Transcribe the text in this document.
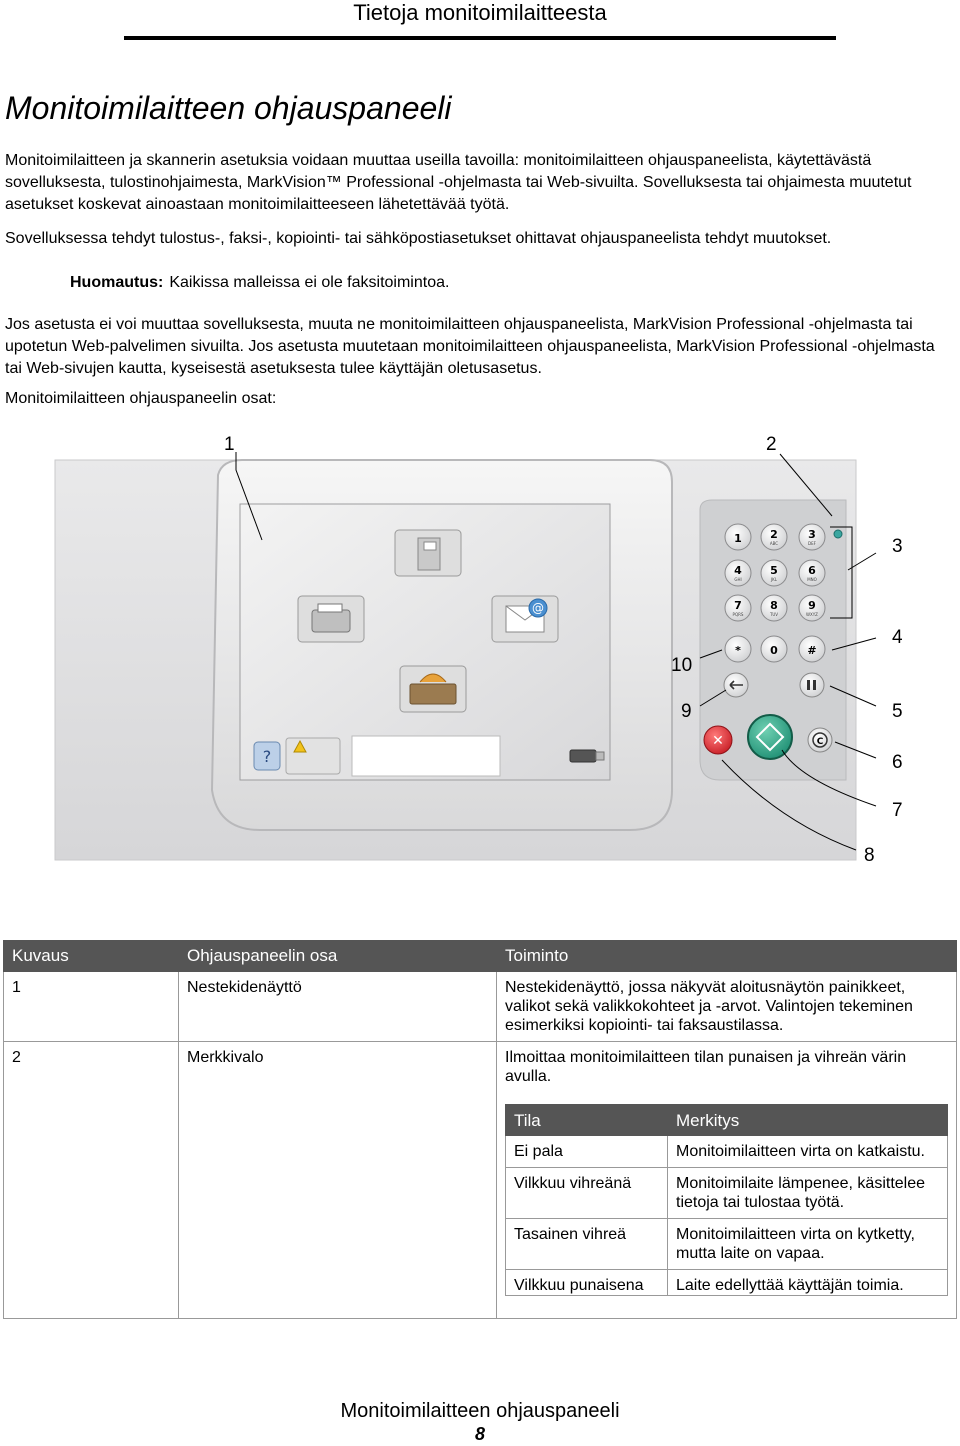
Tietoja monitoimilaitteesta
Monitoimilaitteen ohjauspaneeli
Monitoimilaitteen ja skannerin asetuksia voidaan muuttaa useilla tavoilla: monitoimilaitteen ohjauspaneelista, käytettävästä sovelluksesta, tulostinohjaimesta, MarkVision™ Professional -ohjelmasta tai Web-sivuilta. Sovelluksesta tai ohjaimesta muutetut asetukset koskevat ainoastaan monitoimilaitteeseen lähetettävää työtä.
Sovelluksessa tehdyt tulostus-, faksi-, kopiointi- tai sähköpostiasetukset ohittavat ohjauspaneelista tehdyt muutokset.
Huomautus: Kaikissa malleissa ei ole faksitoimintoa.
Jos asetusta ei voi muuttaa sovelluksesta, muuta ne monitoimilaitteen ohjauspaneelista, MarkVision Professional -ohjelmasta tai upotetun Web-palvelimen sivuilta. Jos asetusta muutetaan monitoimilaitteen ohjauspaneelista, MarkVision Professional -ohjelmasta tai Web-sivujen kautta, kyseisestä asetuksesta tulee käyttäjän oletusasetus.
Monitoimilaitteen ohjauspaneelin osat:
@
?
1	2
ABC
3
DEF
4
GHI
5
JKL
6
MNO
7
PQRS
8
TUV
9
WXYZ
*	0	#
✕	C
1	2
3
4
5
6
7
8
9
10
Kuvaus	Ohjauspaneelin osa	Toiminto
1	Nestekidenäyttö	Nestekidenäyttö, jossa näkyvät aloitusnäytön painikkeet, valikot sekä valikkokohteet ja -arvot. Valintojen tekeminen esimerkiksi kopiointi- tai faksaustilassa.
2	Merkkivalo	Ilmoittaa monitoimilaitteen tilan punaisen ja vihreän värin avulla.
Tila	Merkitys
Ei pala	Monitoimilaitteen virta on katkaistu.
Vilkkuu vihreänä	Monitoimilaite lämpenee, käsittelee tietoja tai tulostaa työtä.
Tasainen vihreä	Monitoimilaitteen virta on kytketty, mutta laite on vapaa.
Vilkkuu punaisena	Laite edellyttää käyttäjän toimia.
Monitoimilaitteen ohjauspaneeli
8
